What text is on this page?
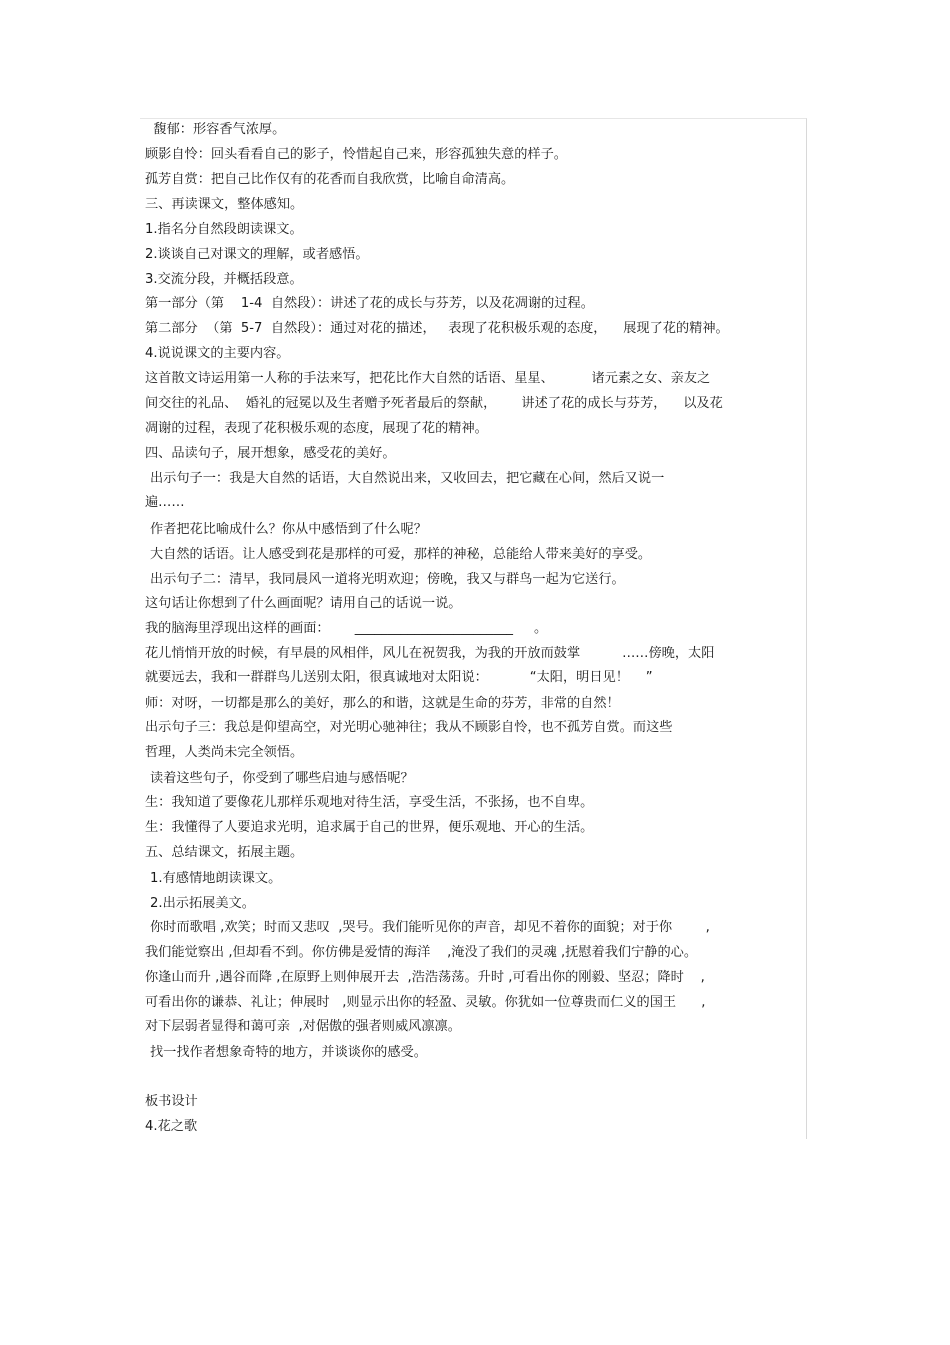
馥郁：形容香气浓厚。
顾影自怜：回头看看自己的影子，怜惜起自己来，形容孤独失意的样子。
孤芳自赏：把自己比作仅有的花香而自我欣赏，比喻自命清高。
三、再读课文，整体感知。
1.指名分自然段朗读课文。
2.谈谈自己对课文的理解，或者感悟。
3.交流分段，并概括段意。
第一部分（第    1-4  自然段）：讲述了花的成长与芬芳，以及花凋谢的过程。
第二部分  （第  5-7  自然段）：通过对花的描述，   表现了花积极乐观的态度，    展现了花的精神。
4.说说课文的主要内容。
这首散文诗运用第一人称的手法来写，把花比作大自然的话语、星星、         诸元素之女、亲友之
间交往的礼品、  婚礼的冠冕以及生者赠予死者最后的祭献，      讲述了花的成长与芬芳，    以及花
凋谢的过程，表现了花积极乐观的态度，展现了花的精神。
四、品读句子，展开想象，感受花的美好。
出示句子一：我是大自然的话语，大自然说出来，又收回去，把它藏在心间，然后又说一
遍……
作者把花比喻成什么？你从中感悟到了什么呢？
大自然的话语。让人感受到花是那样的可爱，那样的神秘，总能给人带来美好的享受。
出示句子二：清早，我同晨风一道将光明欢迎；傍晚，我又与群鸟一起为它送行。
这句话让你想到了什么画面呢？请用自己的话说一说。
我的脑海里浮现出这样的画面：      ________________________     。
花儿悄悄开放的时候，有早晨的风相伴，风儿在祝贺我，为我的开放而鼓掌          ……傍晚，太阳
就要远去，我和一群群鸟儿送别太阳，很真诚地对太阳说：          “太阳，明日见！    ”
师：对呀，一切都是那么的美好，那么的和谐，这就是生命的芬芳，非常的自然！
出示句子三：我总是仰望高空，对光明心驰神往；我从不顾影自怜，也不孤芳自赏。而这些
哲理，人类尚未完全领悟。
读着这些句子，你受到了哪些启迪与感悟呢？
生：我知道了要像花儿那样乐观地对待生活，享受生活，不张扬，也不自卑。
生：我懂得了人要追求光明，追求属于自己的世界，便乐观地、开心的生活。
五、总结课文，拓展主题。
1.有感情地朗读课文。
2.出示拓展美文。
你时而歌唱 ,欢笑；时而又悲叹  ,哭号。我们能听见你的声音，却见不着你的面貌；对于你        ,
我们能觉察出 ,但却看不到。你仿佛是爱情的海洋    ,淹没了我们的灵魂 ,抚慰着我们宁静的心。
你逢山而升 ,遇谷而降 ,在原野上则伸展开去  ,浩浩荡荡。升时 ,可看出你的刚毅、坚忍；降时    ,
可看出你的谦恭、礼让；伸展时   ,则显示出你的轻盈、灵敏。你犹如一位尊贵而仁义的国王      ,
对下层弱者显得和蔼可亲  ,对倨傲的强者则威风凛凛。
找一找作者想象奇特的地方，并谈谈你的感受。
板书设计
4.花之歌
